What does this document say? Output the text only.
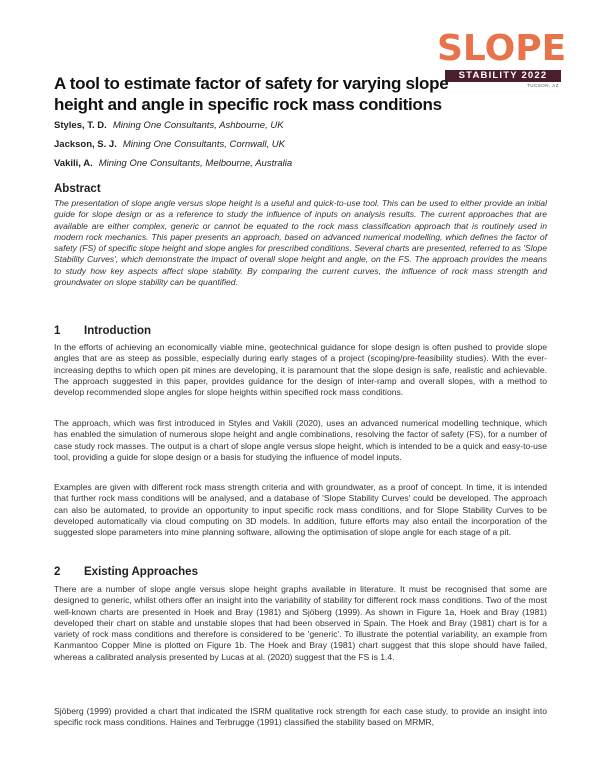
SLOPE
STABILITY 2022
TUCSON, AZ
A tool to estimate factor of safety for varying slope height and angle in specific rock mass conditions
Styles, T. D. Mining One Consultants, Ashbourne, UK
Jackson, S. J. Mining One Consultants, Cornwall, UK
Vakili, A. Mining One Consultants, Melbourne, Australia
Abstract

The presentation of slope angle versus slope height is a useful and quick-to-use tool. This can be used to either provide an initial guide for slope design or as a reference to study the influence of inputs on analysis results. The current approaches that are available are either complex, generic or cannot be equated to the rock mass classification approach that is routinely used in modern rock mechanics. This paper presents an approach, based on advanced numerical modelling, which defines the factor of safety (FS) of specific slope height and slope angles for prescribed conditions. Several charts are presented, referred to as 'Slope Stability Curves', which demonstrate the impact of overall slope height and angle, on the FS. The approach provides the means to study how key aspects affect slope stability. By comparing the current curves, the influence of rock mass strength and groundwater on slope stability can be quantified.

1 Introduction

In the efforts of achieving an economically viable mine, geotechnical guidance for slope design is often pushed to provide slope angles that are as steep as possible, especially during early stages of a project (scoping/pre-feasibility studies). With the ever-increasing depths to which open pit mines are developing, it is paramount that the slope design is safe, realistic and achievable. The approach suggested in this paper, provides guidance for the design of inter-ramp and overall slopes, with a method to develop recommended slope angles for slope heights within specified rock mass conditions.

The approach, which was first introduced in Styles and Vakili (2020), uses an advanced numerical modelling technique, which has enabled the simulation of numerous slope height and angle combinations, resolving the factor of safety (FS), for a number of case study rock masses. The output is a chart of slope angle versus slope height, which is intended to be a quick and easy-to-use tool, providing a guide for slope design or a basis for studying the influence of model inputs.

Examples are given with different rock mass strength criteria and with groundwater, as a proof of concept. In time, it is intended that further rock mass conditions will be analysed, and a database of 'Slope Stability Curves' could be developed. The approach can also be automated, to provide an opportunity to input specific rock mass conditions, and for Slope Stability Curves to be developed automatically via cloud computing on 3D models. In addition, future efforts may also entail the incorporation of the suggested slope parameters into mine planning software, allowing the optimisation of slope angle for each stage of a pit.

2 Existing Approaches

There are a number of slope angle versus slope height graphs available in literature. It must be recognised that some are designed to generic, whilst others offer an insight into the variability of stability for different rock mass conditions. Two of the most well-known charts are presented in Hoek and Bray (1981) and Sjöberg (1999). As shown in Figure 1a, Hoek and Bray (1981) developed their chart on stable and unstable slopes that had been observed in Spain. The Hoek and Bray (1981) chart is for a variety of rock mass conditions and therefore is considered to be 'generic'. To illustrate the potential variability, an example from Kanmantoo Copper Mine is plotted on Figure 1b. The Hoek and Bray (1981) chart suggest that this slope should have failed, whereas a calibrated analysis presented by Lucas at al. (2020) suggest that the FS is 1.4.

Sjöberg (1999) provided a chart that indicated the ISRM qualitative rock strength for each case study, to provide an insight into specific rock mass conditions. Haines and Terbrugge (1991) classified the stability based on MRMR,
